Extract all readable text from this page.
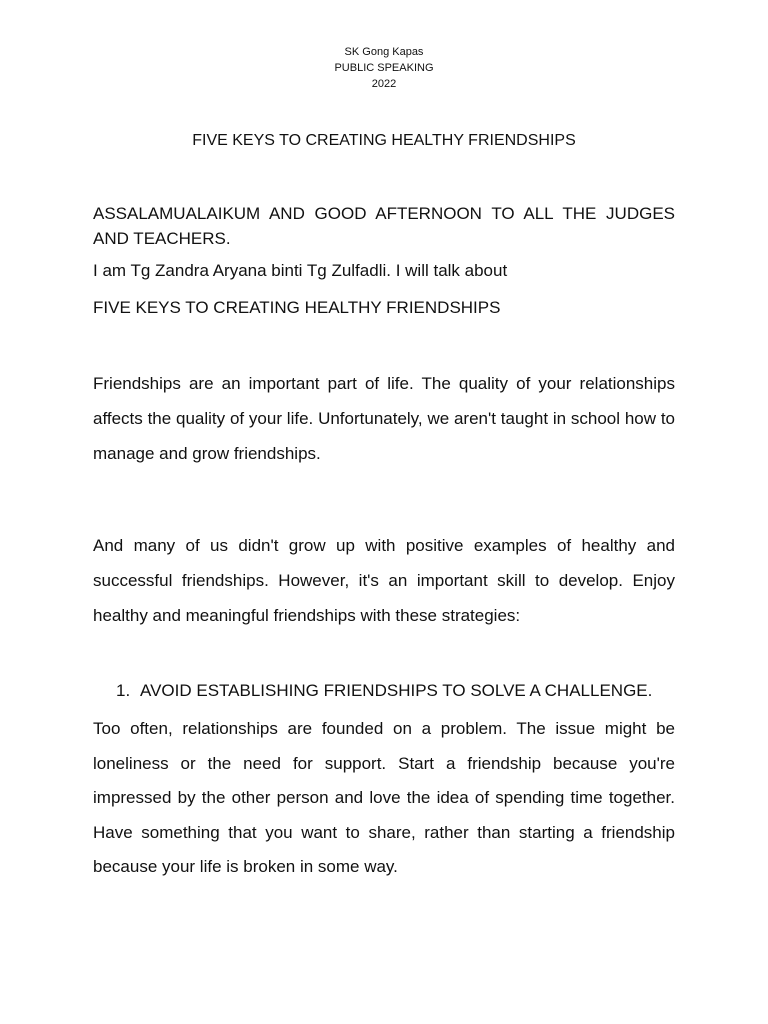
SK Gong Kapas
PUBLIC SPEAKING
2022
FIVE KEYS TO CREATING HEALTHY FRIENDSHIPS
ASSALAMUALAIKUM AND GOOD AFTERNOON TO ALL THE JUDGES AND TEACHERS.
I am Tg Zandra Aryana binti Tg Zulfadli. I will talk about
FIVE KEYS TO CREATING HEALTHY FRIENDSHIPS
Friendships are an important part of life. The quality of your relationships affects the quality of your life. Unfortunately, we aren't taught in school how to manage and grow friendships.
And many of us didn't grow up with positive examples of healthy and successful friendships. However, it's an important skill to develop. Enjoy healthy and meaningful friendships with these strategies:
1. AVOID ESTABLISHING FRIENDSHIPS TO SOLVE A CHALLENGE.
Too often, relationships are founded on a problem. The issue might be loneliness or the need for support. Start a friendship because you're impressed by the other person and love the idea of spending time together. Have something that you want to share, rather than starting a friendship because your life is broken in some way.
